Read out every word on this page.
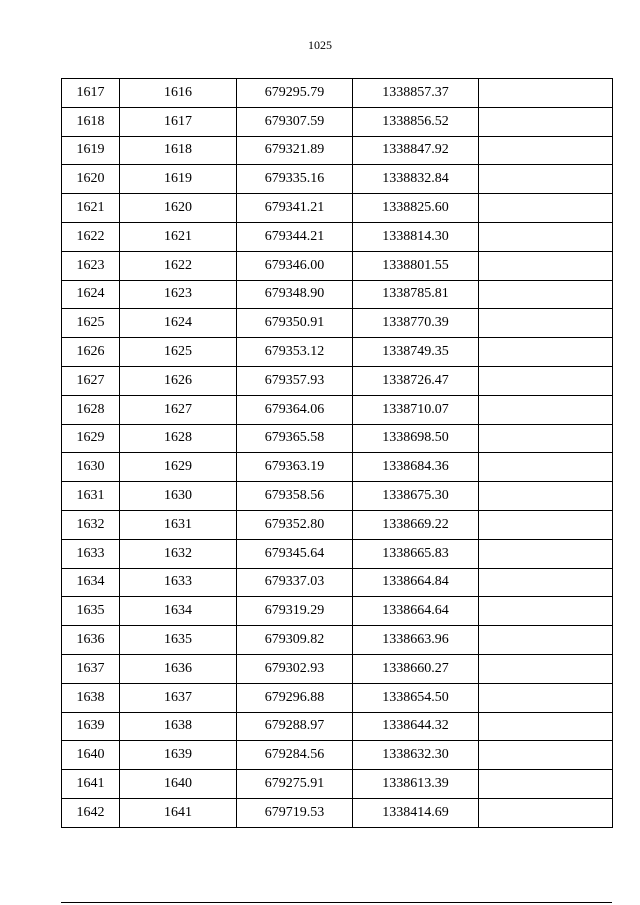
1025
1617	1616	679295.79	1338857.37	
1618	1617	679307.59	1338856.52	
1619	1618	679321.89	1338847.92	
1620	1619	679335.16	1338832.84	
1621	1620	679341.21	1338825.60	
1622	1621	679344.21	1338814.30	
1623	1622	679346.00	1338801.55	
1624	1623	679348.90	1338785.81	
1625	1624	679350.91	1338770.39	
1626	1625	679353.12	1338749.35	
1627	1626	679357.93	1338726.47	
1628	1627	679364.06	1338710.07	
1629	1628	679365.58	1338698.50	
1630	1629	679363.19	1338684.36	
1631	1630	679358.56	1338675.30	
1632	1631	679352.80	1338669.22	
1633	1632	679345.64	1338665.83	
1634	1633	679337.03	1338664.84	
1635	1634	679319.29	1338664.64	
1636	1635	679309.82	1338663.96	
1637	1636	679302.93	1338660.27	
1638	1637	679296.88	1338654.50	
1639	1638	679288.97	1338644.32	
1640	1639	679284.56	1338632.30	
1641	1640	679275.91	1338613.39	
1642	1641	679719.53	1338414.69	
